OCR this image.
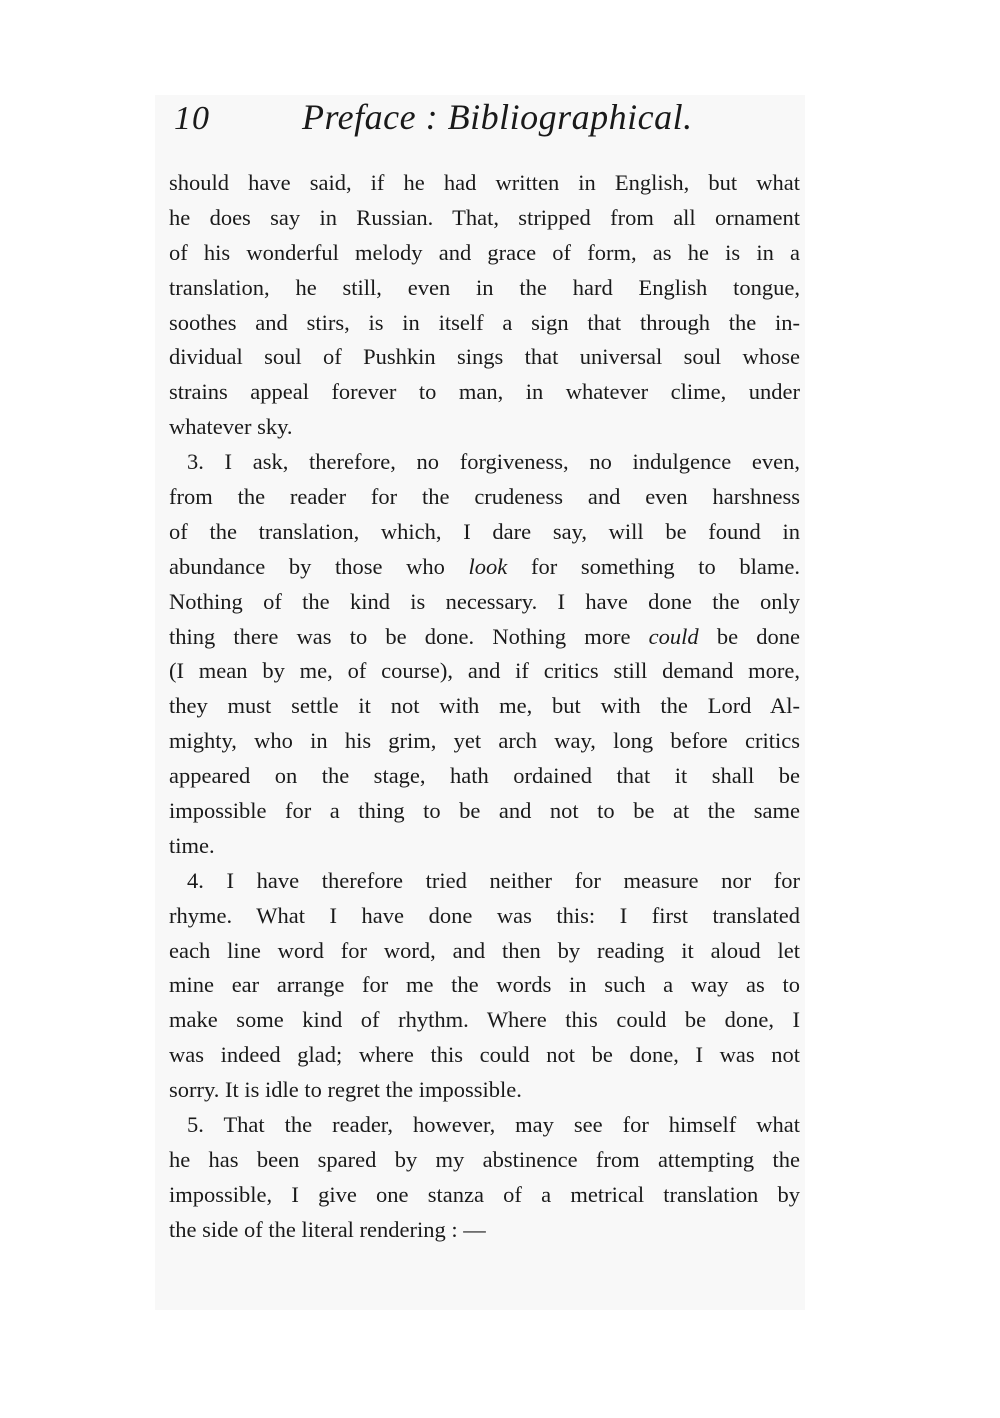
10	Preface : Bibliographical.
should have said, if he had written in English, but what
he does say in Russian. That, stripped from all ornament
of his wonderful melody and grace of form, as he is in a
translation, he still, even in the hard English tongue,
soothes and stirs, is in itself a sign that through the in-
dividual soul of Pushkin sings that universal soul whose
strains appeal forever to man, in whatever clime, under
whatever sky.
3. I ask, therefore, no forgiveness, no indulgence even,
from the reader for the crudeness and even harshness
of the translation, which, I dare say, will be found in
abundance by those who look for something to blame.
Nothing of the kind is necessary. I have done the only
thing there was to be done. Nothing more could be done
(I mean by me, of course), and if critics still demand more,
they must settle it not with me, but with the Lord Al-
mighty, who in his grim, yet arch way, long before critics
appeared on the stage, hath ordained that it shall be
impossible for a thing to be and not to be at the same
time.
4. I have therefore tried neither for measure nor for
rhyme. What I have done was this: I first translated
each line word for word, and then by reading it aloud let
mine ear arrange for me the words in such a way as to
make some kind of rhythm. Where this could be done, I
was indeed glad; where this could not be done, I was not
sorry. It is idle to regret the impossible.
5. That the reader, however, may see for himself what
he has been spared by my abstinence from attempting the
impossible, I give one stanza of a metrical translation by
the side of the literal rendering : —
